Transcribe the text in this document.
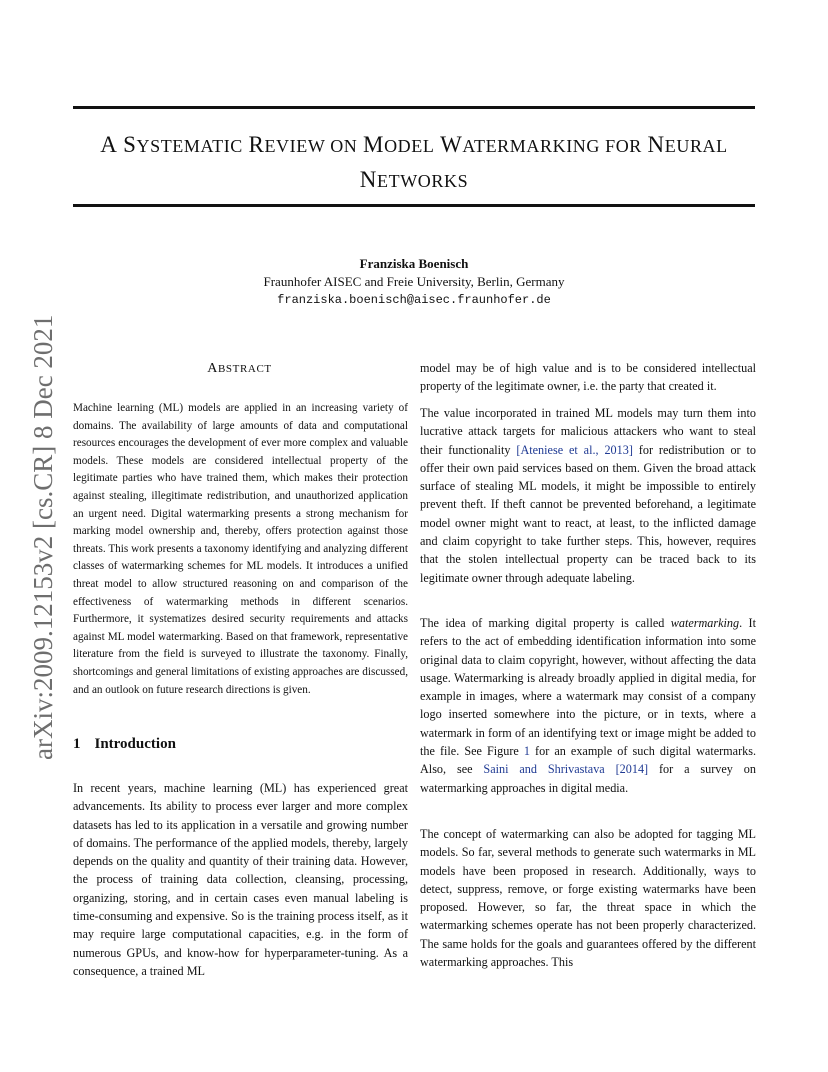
arXiv:2009.12153v2 [cs.CR] 8 Dec 2021
A SYSTEMATIC REVIEW ON MODEL WATERMARKING FOR NEURAL
NETWORKS
Franziska Boenisch
Fraunhofer AISEC and Freie University, Berlin, Germany
franziska.boenisch@aisec.fraunhofer.de
ABSTRACT
Machine learning (ML) models are applied in an increasing variety of domains. The availability of large amounts of data and computational resources encourages the development of ever more complex and valuable models. These models are considered intellectual property of the legitimate parties who have trained them, which makes their protection against stealing, illegitimate redistribution, and unauthorized application an urgent need. Digital watermarking presents a strong mechanism for marking model ownership and, thereby, offers protection against those threats. This work presents a taxonomy identifying and analyzing different classes of watermarking schemes for ML models. It introduces a unified threat model to allow structured reasoning on and comparison of the effectiveness of watermarking methods in different scenarios. Furthermore, it systematizes desired security requirements and attacks against ML model watermarking. Based on that framework, representative literature from the field is surveyed to illustrate the taxonomy. Finally, shortcomings and general limitations of existing approaches are discussed, and an outlook on future research directions is given.
1 Introduction
In recent years, machine learning (ML) has experienced great advancements. Its ability to process ever larger and more complex datasets has led to its application in a versatile and growing number of domains. The performance of the applied models, thereby, largely depends on the quality and quantity of their training data. However, the process of training data collection, cleansing, processing, organizing, storing, and in certain cases even manual labeling is time-consuming and expensive. So is the training process itself, as it may require large computational capacities, e.g. in the form of numerous GPUs, and know-how for hyperparameter-tuning. As a consequence, a trained ML

model may be of high value and is to be considered intellectual property of the legitimate owner, i.e. the party that created it.

The value incorporated in trained ML models may turn them into lucrative attack targets for malicious attackers who want to steal their functionality [Ateniese et al., 2013] for redistribution or to offer their own paid services based on them. Given the broad attack surface of stealing ML models, it might be impossible to entirely prevent theft. If theft cannot be prevented beforehand, a legitimate model owner might want to react, at least, to the inflicted damage and claim copyright to take further steps. This, however, requires that the stolen intellectual property can be traced back to its legitimate owner through adequate labeling.

The idea of marking digital property is called watermarking. It refers to the act of embedding identification information into some original data to claim copyright, however, without affecting the data usage. Watermarking is already broadly applied in digital media, for example in images, where a watermark may consist of a company logo inserted somewhere into the picture, or in texts, where a watermark in form of an identifying text or image might be added to the file. See Figure 1 for an example of such digital watermarks. Also, see Saini and Shrivastava [2014] for a survey on watermarking approaches in digital media.

The concept of watermarking can also be adopted for tagging ML models. So far, several methods to generate such watermarks in ML models have been proposed in research. Additionally, ways to detect, suppress, remove, or forge existing watermarks have been proposed. However, so far, the threat space in which the watermarking schemes operate has not been properly characterized. The same holds for the goals and guarantees offered by the different watermarking approaches. This
